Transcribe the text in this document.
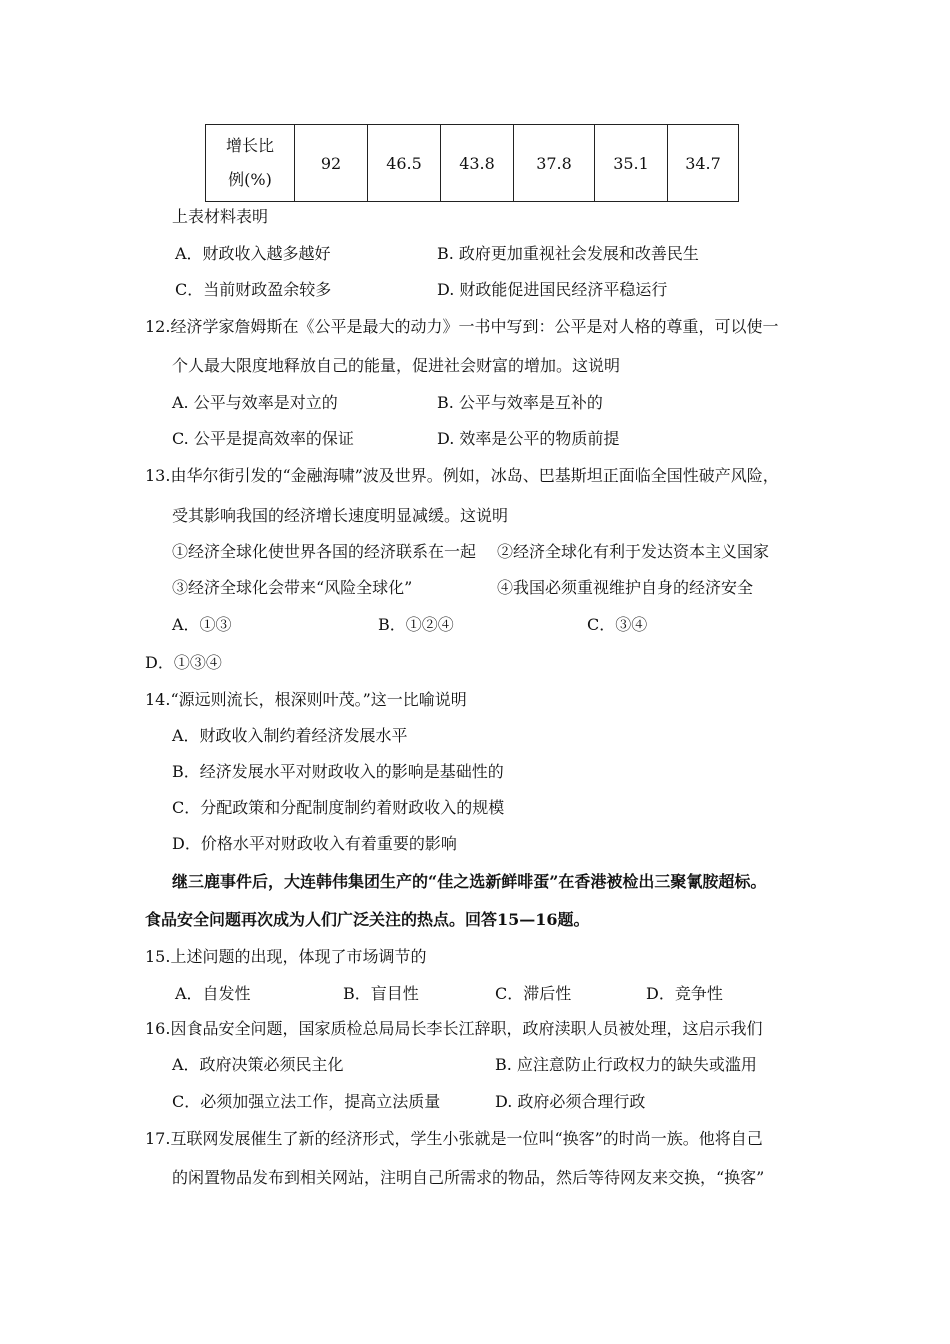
增长比
例(%)
	92	46.5	43.8	37.8	35.1	34.7
上表材料表明
A．财政收入越多越好	B. 政府更加重视社会发展和改善民生
C．当前财政盈余较多	D. 财政能促进国民经济平稳运行
12.经济学家詹姆斯在《公平是最大的动力》一书中写到：公平是对人格的尊重，可以使一
个人最大限度地释放自己的能量，促进社会财富的增加。这说明
A. 公平与效率是对立的	B. 公平与效率是互补的
C. 公平是提高效率的保证	D. 效率是公平的物质前提
13.由华尔街引发的“金融海啸”波及世界。例如，冰岛、巴基斯坦正面临全国性破产风险，
受其影响我国的经济增长速度明显减缓。这说明
①经济全球化使世界各国的经济联系在一起 ②经济全球化有利于发达资本主义国家
③经济全球化会带来“风险全球化”	④我国必须重视维护自身的经济安全
A．①③	B．①②④	C．③④
D．①③④
14.“源远则流长，根深则叶茂。”这一比喻说明
A．财政收入制约着经济发展水平
B．经济发展水平对财政收入的影响是基础性的
C．分配政策和分配制度制约着财政收入的规模
D．价格水平对财政收入有着重要的影响
继三鹿事件后，大连韩伟集团生产的“佳之选新鲜啡蛋”在香港被检出三聚氰胺超标。
食品安全问题再次成为人们广泛关注的热点。回答15—16题。
15.上述问题的出现，体现了市场调节的
A．自发性	B．盲目性	C．滞后性	D．竞争性
16.因食品安全问题，国家质检总局局长李长江辞职，政府渎职人员被处理，这启示我们
A．政府决策必须民主化	B. 应注意防止行政权力的缺失或滥用
C．必须加强立法工作，提高立法质量	D. 政府必须合理行政
17.互联网发展催生了新的经济形式，学生小张就是一位叫“换客”的时尚一族。他将自己
的闲置物品发布到相关网站，注明自己所需求的物品，然后等待网友来交换，“换客”
